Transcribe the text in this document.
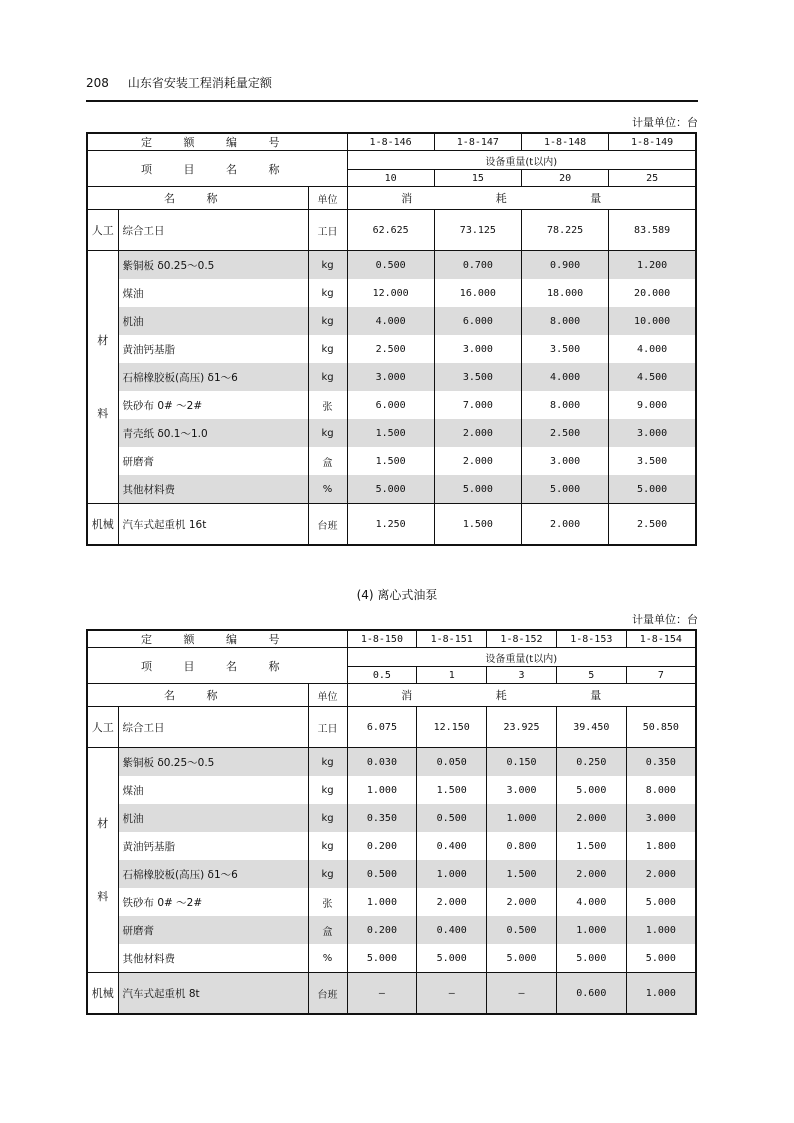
208 山东省安装工程消耗量定额
计量单位：台
定 额 编 号			1-8-146	1-8-147	1-8-148	1-8-149
项 目 名 称			设备重量(t以内)			
			10	15	20	25
名 称		单位	消 耗 量			
人工	综合工日	工日	62.625	73.125	78.225	83.589

材
料	紫铜板 δ0.25～0.5	kg	0.500	0.700	0.900	1.200
	煤油	kg	12.000	16.000	18.000	20.000
	机油	kg	4.000	6.000	8.000	10.000
	黄油钙基脂	kg	2.500	3.000	3.500	4.000
	石棉橡胶板(高压) δ1～6	kg	3.000	3.500	4.000	4.500
	铁砂布 0# ～2#	张	6.000	7.000	8.000	9.000
	青壳纸 δ0.1～1.0	kg	1.500	2.000	2.500	3.000
	研磨膏	盒	1.500	2.000	3.000	3.500
	其他材料费	%	5.000	5.000	5.000	5.000
机械	汽车式起重机 16t	台班	1.250	1.500	2.000	2.500
(4) 离心式油泵
计量单位：台
定 额 编 号			1-8-150	1-8-151	1-8-152	1-8-153	1-8-154
项 目 名 称			设备重量(t以内)				
			0.5	1	3	5	7
名 称		单位	消 耗 量				
人工	综合工日	工日	6.075	12.150	23.925	39.450	50.850

材
料	紫铜板 δ0.25～0.5	kg	0.030	0.050	0.150	0.250	0.350
	煤油	kg	1.000	1.500	3.000	5.000	8.000
	机油	kg	0.350	0.500	1.000	2.000	3.000
	黄油钙基脂	kg	0.200	0.400	0.800	1.500	1.800
	石棉橡胶板(高压) δ1～6	kg	0.500	1.000	1.500	2.000	2.000
	铁砂布 0# ～2#	张	1.000	2.000	2.000	4.000	5.000
	研磨膏	盒	0.200	0.400	0.500	1.000	1.000
	其他材料费	%	5.000	5.000	5.000	5.000	5.000
机械	汽车式起重机 8t	台班	—	—	—	0.600	1.000
